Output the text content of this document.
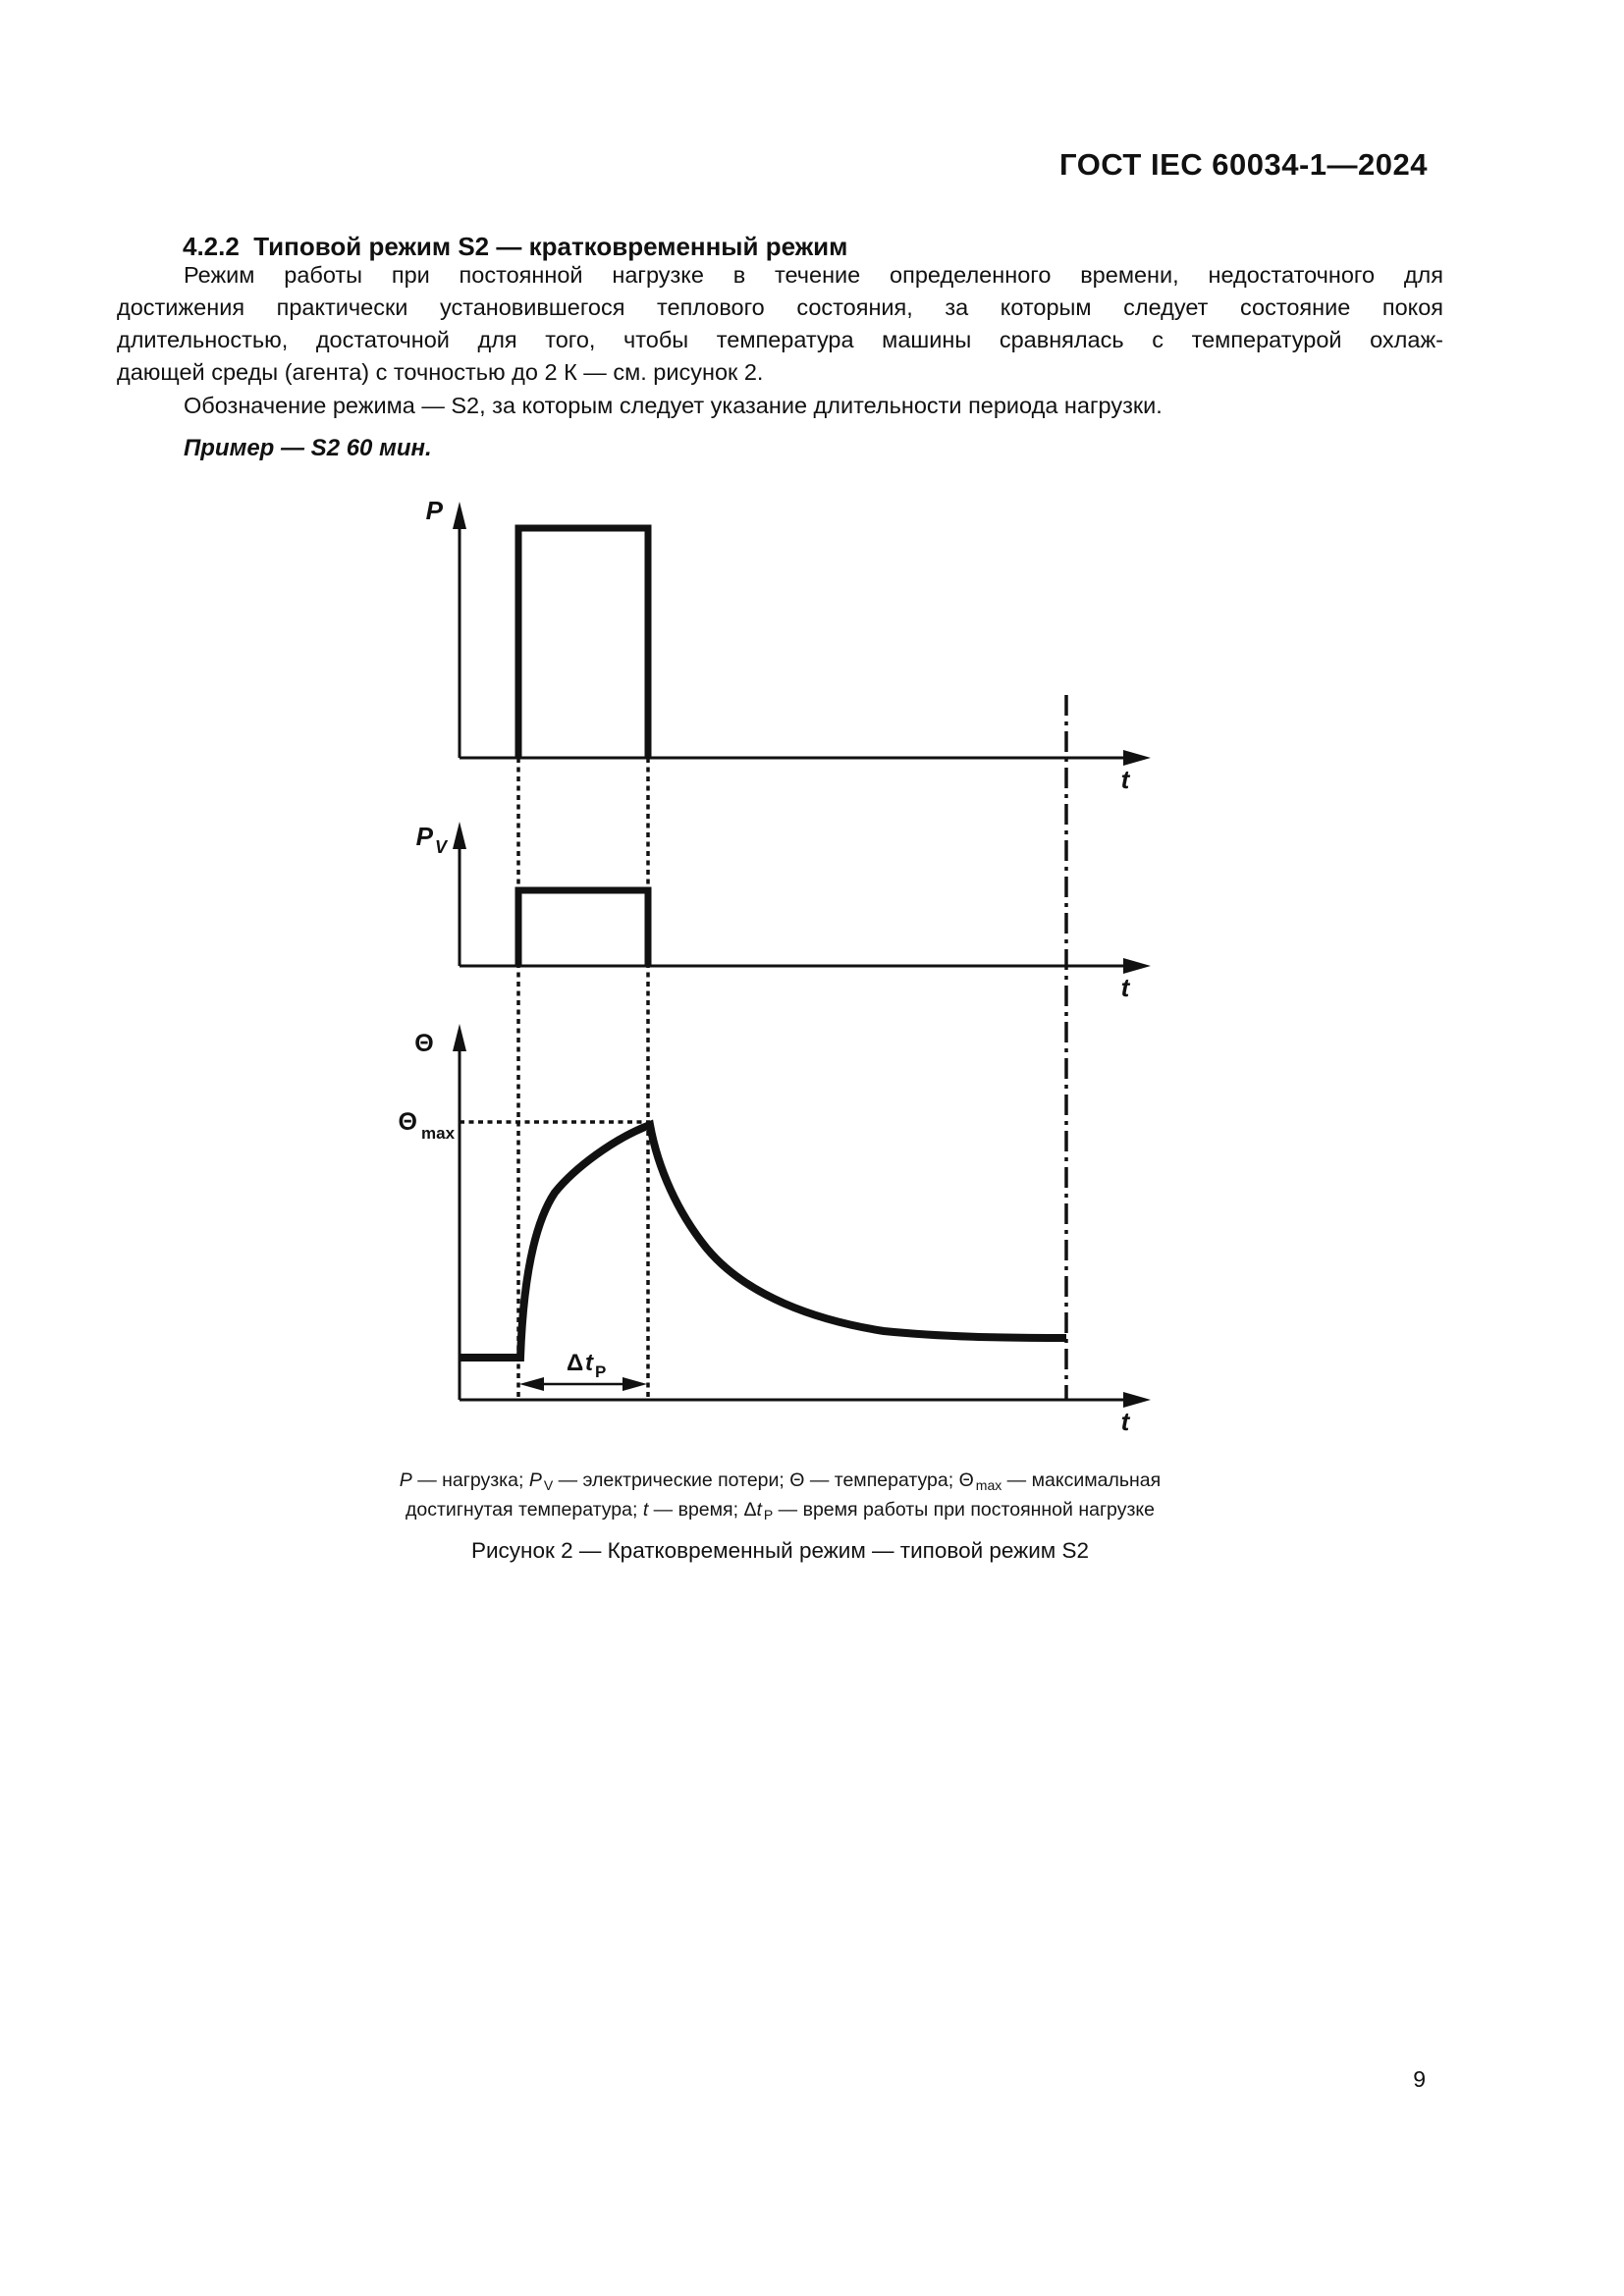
ГОСТ IEC 60034-1—2024
4.2.2  Типовой режим S2 — кратковременный режим
Режим работы при постоянной нагрузке в течение определенного времени, недостаточного для
достижения практически установившегося теплового состояния, за которым следует состояние покоя
длительностью, достаточной для того, чтобы температура машины сравнялась с температурой охлаж-
дающей среды (агента) с точностью до 2 К — см. рисунок 2.
Обозначение режима — S2, за которым следует указание длительности периода нагрузки.
Пример — S2 60 мин.
P
t
P V
t
Θ
Θ max
Δ t P
t
P — нагрузка; P $_V$ — электрические потери; Θ — температура; Θ $_{max}$ — максимальная
достигнутая температура; t — время; Δt $_P$ — время работы при постоянной нагрузке
Рисунок 2 — Кратковременный режим — типовой режим S2
9
